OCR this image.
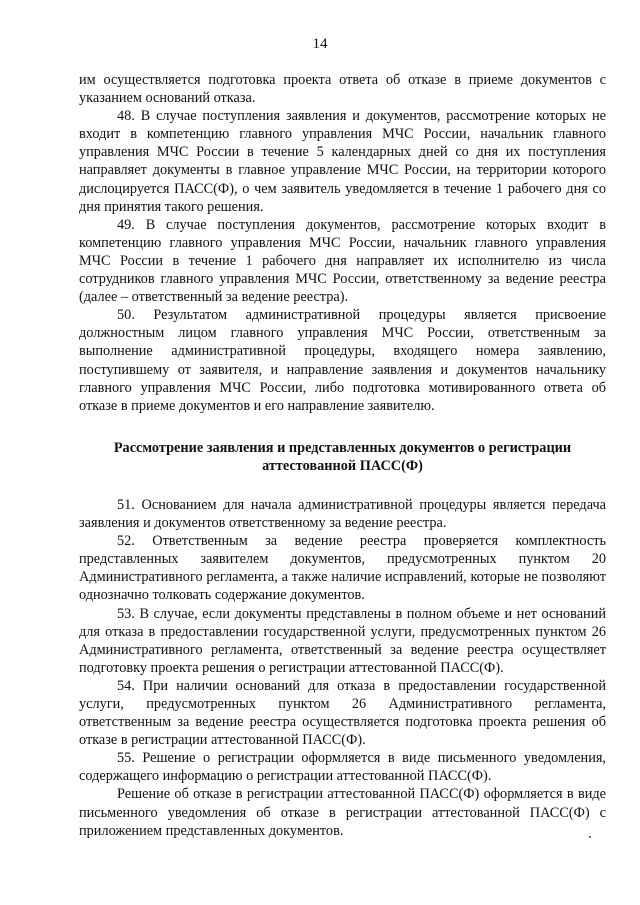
14

им осуществляется подготовка проекта ответа об отказе в приеме документов с указанием оснований отказа.

48. В случае поступления заявления и документов, рассмотрение которых не входит в компетенцию главного управления МЧС России, начальник главного управления МЧС России в течение 5 календарных дней со дня их поступления направляет документы в главное управление МЧС России, на территории которого дислоцируется ПАСС(Ф), о чем заявитель уведомляется в течение 1 рабочего дня со дня принятия такого решения.

49. В случае поступления документов, рассмотрение которых входит в компетенцию главного управления МЧС России, начальник главного управления МЧС России в течение 1 рабочего дня направляет их исполнителю из числа сотрудников главного управления МЧС России, ответственному за ведение реестра (далее – ответственный за ведение реестра).

50. Результатом административной процедуры является присвоение должностным лицом главного управления МЧС России, ответственным за выполнение административной процедуры, входящего номера заявлению, поступившему от заявителя, и направление заявления и документов начальнику главного управления МЧС России, либо подготовка мотивированного ответа об отказе в приеме документов и его направление заявителю.

Рассмотрение заявления и представленных документов о регистрации аттестованной ПАСС(Ф)

51. Основанием для начала административной процедуры является передача заявления и документов ответственному за ведение реестра.

52. Ответственным за ведение реестра проверяется комплектность представленных заявителем документов, предусмотренных пунктом 20 Административного регламента, а также наличие исправлений, которые не позволяют однозначно толковать содержание документов.

53. В случае, если документы представлены в полном объеме и нет оснований для отказа в предоставлении государственной услуги, предусмотренных пунктом 26 Административного регламента, ответственный за ведение реестра осуществляет подготовку проекта решения о регистрации аттестованной ПАСС(Ф).

54. При наличии оснований для отказа в предоставлении государственной услуги, предусмотренных пунктом 26 Административного регламента, ответственным за ведение реестра осуществляется подготовка проекта решения об отказе в регистрации аттестованной ПАСС(Ф).

55. Решение о регистрации оформляется в виде письменного уведомления, содержащего информацию о регистрации аттестованной ПАСС(Ф).

Решение об отказе в регистрации аттестованной ПАСС(Ф) оформляется в виде письменного уведомления об отказе в регистрации аттестованной ПАСС(Ф) с приложением представленных документов.
